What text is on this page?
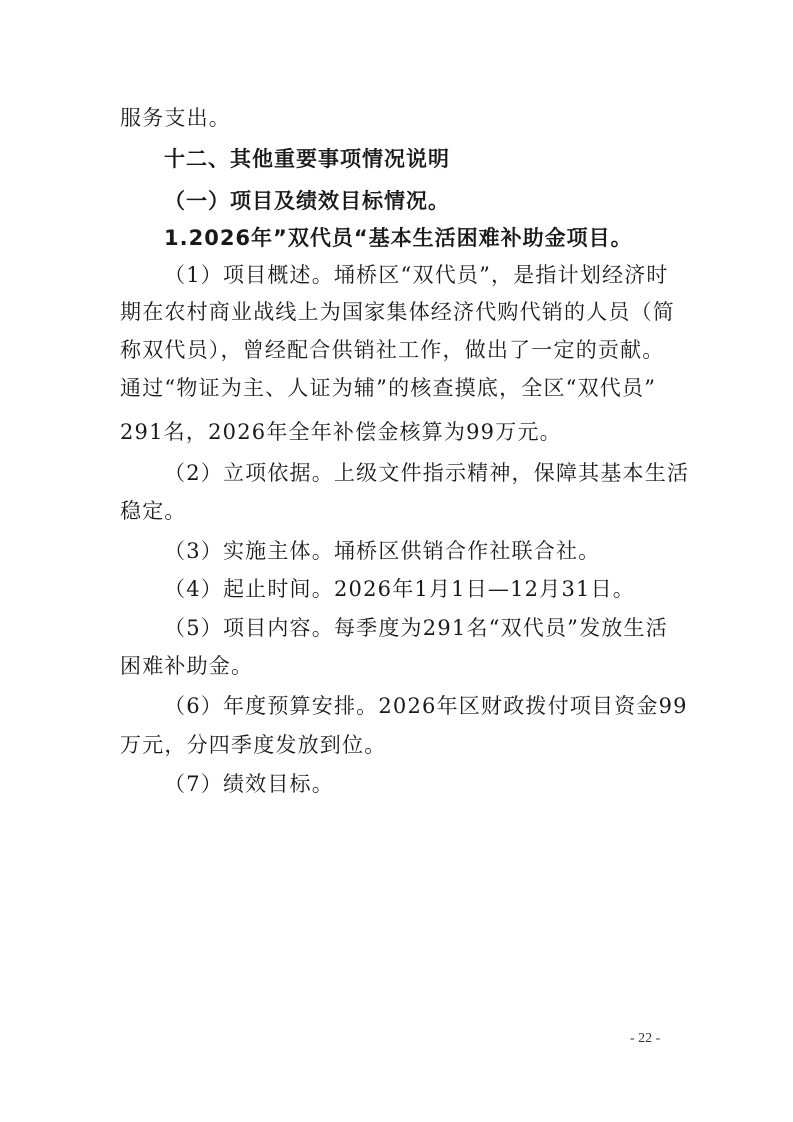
服务支出。
十二、其他重要事项情况说明
（一）项目及绩效目标情况。
1.2026年”双代员“基本生活困难补助金项目。
（1）项目概述。埇桥区“双代员”，是指计划经济时
期在农村商业战线上为国家集体经济代购代销的人员（简
称双代员），曾经配合供销社工作，做出了一定的贡献。
通过“物证为主、人证为辅”的核查摸底，全区“双代员”
291名，2026年全年补偿金核算为99万元。
（2）立项依据。上级文件指示精神，保障其基本生活
稳定。
（3）实施主体。埇桥区供销合作社联合社。
（4）起止时间。2026年1月1日—12月31日。
（5）项目内容。每季度为291名“双代员”发放生活
困难补助金。
（6）年度预算安排。2026年区财政拨付项目资金99
万元，分四季度发放到位。
（7）绩效目标。
- 22 -
